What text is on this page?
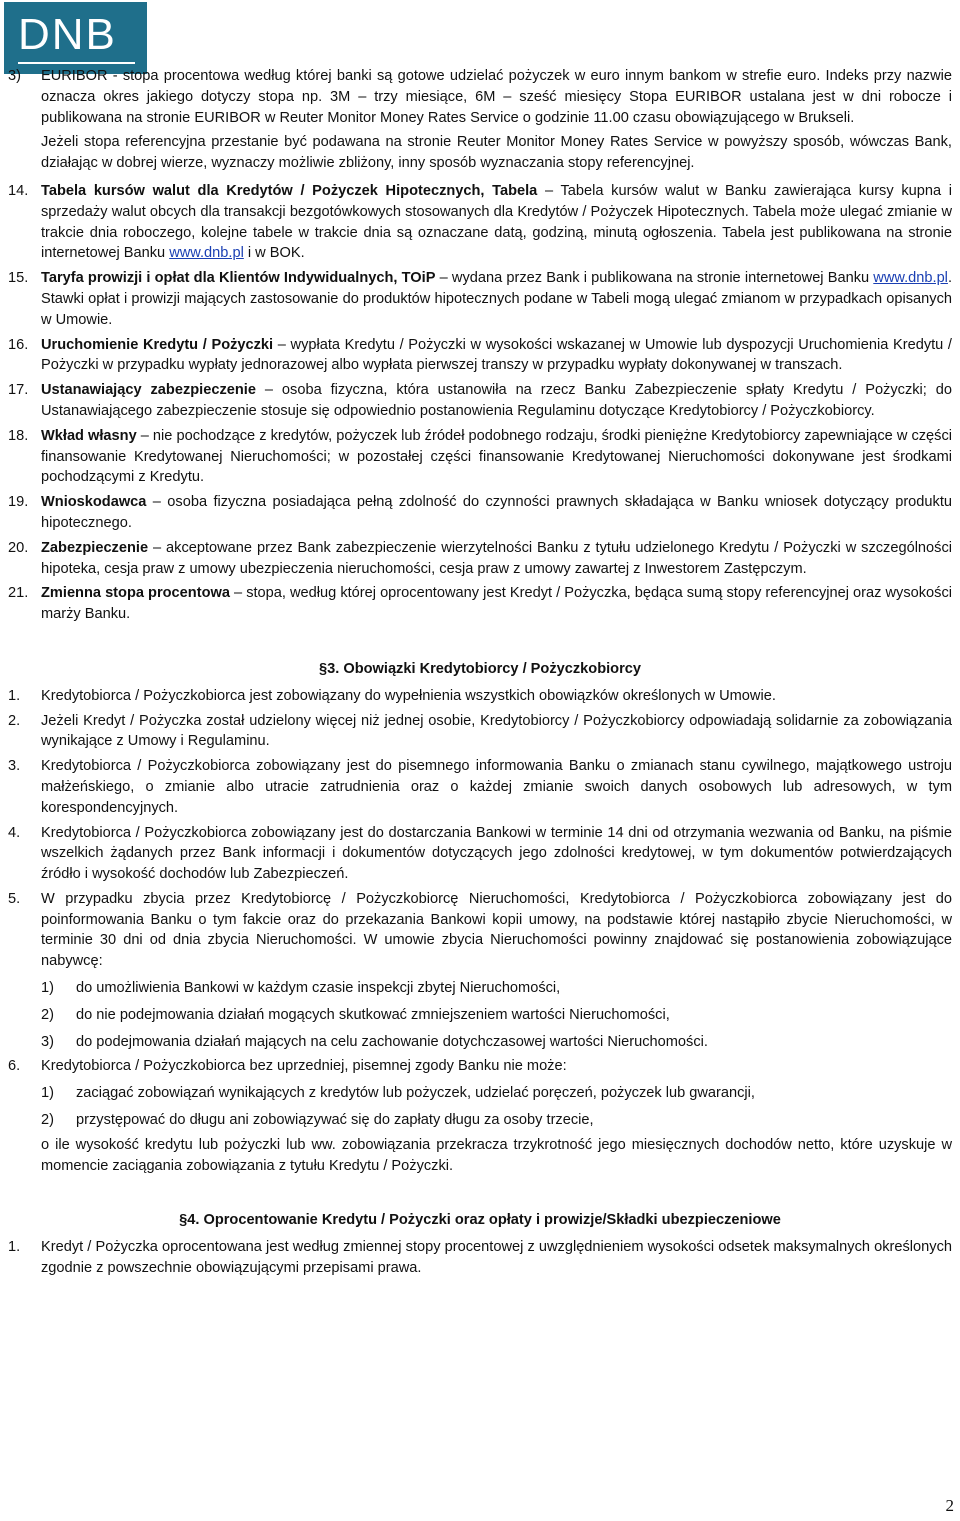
DNB
3)	EURIBOR - stopa procentowa według której banki są gotowe udzielać pożyczek w euro innym bankom w strefie euro. Indeks przy nazwie oznacza okres jakiego dotyczy stopa np. 3M – trzy miesiące, 6M – sześć miesięcy Stopa EURIBOR ustalana jest w dni robocze i publikowana na stronie EURIBOR w Reuter Monitor Money Rates Service o godzinie 11.00 czasu obowiązującego w Brukseli.
Jeżeli stopa referencyjna przestanie być podawana na stronie Reuter Monitor Money Rates Service w powyższy sposób, wówczas Bank, działając w dobrej wierze, wyznaczy możliwie zbliżony, inny sposób wyznaczania stopy referencyjnej.
14. Tabela kursów walut dla Kredytów / Pożyczek Hipotecznych, Tabela – Tabela kursów walut w Banku zawierająca kursy kupna i sprzedaży walut obcych dla transakcji bezgotówkowych stosowanych dla Kredytów / Pożyczek Hipotecznych. Tabela może ulegać zmianie w trakcie dnia roboczego, kolejne tabele w trakcie dnia są oznaczane datą, godziną, minutą ogłoszenia. Tabela jest publikowana na stronie internetowej Banku www.dnb.pl i w BOK.
15. Taryfa prowizji i opłat dla Klientów Indywidualnych, TOiP – wydana przez Bank i publikowana na stronie internetowej Banku www.dnb.pl. Stawki opłat i prowizji mających zastosowanie do produktów hipotecznych podane w Tabeli mogą ulegać zmianom w przypadkach opisanych w Umowie.
16. Uruchomienie Kredytu / Pożyczki – wypłata Kredytu / Pożyczki w wysokości wskazanej w Umowie lub dyspozycji Uruchomienia Kredytu / Pożyczki w przypadku wypłaty jednorazowej albo wypłata pierwszej transzy w przypadku wypłaty dokonywanej w transzach.
17. Ustanawiający zabezpieczenie – osoba fizyczna, która ustanowiła na rzecz Banku Zabezpieczenie spłaty Kredytu / Pożyczki; do Ustanawiającego zabezpieczenie stosuje się odpowiednio postanowienia Regulaminu dotyczące Kredytobiorcy / Pożyczkobiorcy.
18. Wkład własny – nie pochodzące z kredytów, pożyczek lub źródeł podobnego rodzaju, środki pieniężne Kredytobiorcy zapewniające w części finansowanie Kredytowanej Nieruchomości; w pozostałej części finansowanie Kredytowanej Nieruchomości dokonywane jest środkami pochodzącymi z Kredytu.
19. Wnioskodawca – osoba fizyczna posiadająca pełną zdolność do czynności prawnych składająca w Banku wniosek dotyczący produktu hipotecznego.
20. Zabezpieczenie – akceptowane przez Bank zabezpieczenie wierzytelności Banku z tytułu udzielonego Kredytu / Pożyczki w szczególności hipoteka, cesja praw z umowy ubezpieczenia nieruchomości, cesja praw z umowy zawartej z Inwestorem Zastępczym.
21. Zmienna stopa procentowa – stopa, według której oprocentowany jest Kredyt / Pożyczka, będąca sumą stopy referencyjnej oraz wysokości marży Banku.
§3. Obowiązki Kredytobiorcy / Pożyczkobiorcy
1.	Kredytobiorca / Pożyczkobiorca jest zobowiązany do wypełnienia wszystkich obowiązków określonych w Umowie.
2.	Jeżeli Kredyt / Pożyczka został udzielony więcej niż jednej osobie, Kredytobiorcy / Pożyczkobiorcy odpowiadają solidarnie za zobowiązania wynikające z Umowy i Regulaminu.
3.	Kredytobiorca / Pożyczkobiorca zobowiązany jest do pisemnego informowania Banku o zmianach stanu cywilnego, majątkowego ustroju małżeńskiego, o zmianie albo utracie zatrudnienia oraz o każdej zmianie swoich danych osobowych lub adresowych, w tym korespondencyjnych.
4.	Kredytobiorca / Pożyczkobiorca zobowiązany jest do dostarczania Bankowi w terminie 14 dni od otrzymania wezwania od Banku, na piśmie wszelkich żądanych przez Bank informacji i dokumentów dotyczących jego zdolności kredytowej, w tym dokumentów potwierdzających źródło i wysokość dochodów lub Zabezpieczeń.
5.	W przypadku zbycia przez Kredytobiorcę / Pożyczkobiorcę Nieruchomości, Kredytobiorca / Pożyczkobiorca zobowiązany jest do poinformowania Banku o tym fakcie oraz do przekazania Bankowi kopii umowy, na podstawie której nastąpiło zbycie Nieruchomości, w terminie 30 dni od dnia zbycia Nieruchomości. W umowie zbycia Nieruchomości powinny znajdować się postanowienia zobowiązujące nabywcę:
1)	do umożliwienia Bankowi w każdym czasie inspekcji zbytej Nieruchomości,
2)	do nie podejmowania działań mogących skutkować zmniejszeniem wartości Nieruchomości,
3)	do podejmowania działań mających na celu zachowanie dotychczasowej wartości Nieruchomości.
6.	Kredytobiorca / Pożyczkobiorca bez uprzedniej, pisemnej zgody Banku nie może:
1)	zaciągać zobowiązań wynikających z kredytów lub pożyczek, udzielać poręczeń, pożyczek lub gwarancji,
2)	przystępować do długu ani zobowiązywać się do zapłaty długu za osoby trzecie,
o ile wysokość kredytu lub pożyczki lub ww. zobowiązania przekracza trzykrotność jego miesięcznych dochodów netto, które uzyskuje w momencie zaciągania zobowiązania z tytułu Kredytu / Pożyczki.
§4. Oprocentowanie Kredytu / Pożyczki oraz opłaty i prowizje/Składki ubezpieczeniowe
1.	Kredyt / Pożyczka oprocentowana jest według zmiennej stopy procentowej z uwzględnieniem wysokości odsetek maksymalnych określonych zgodnie z powszechnie obowiązującymi przepisami prawa.
2
